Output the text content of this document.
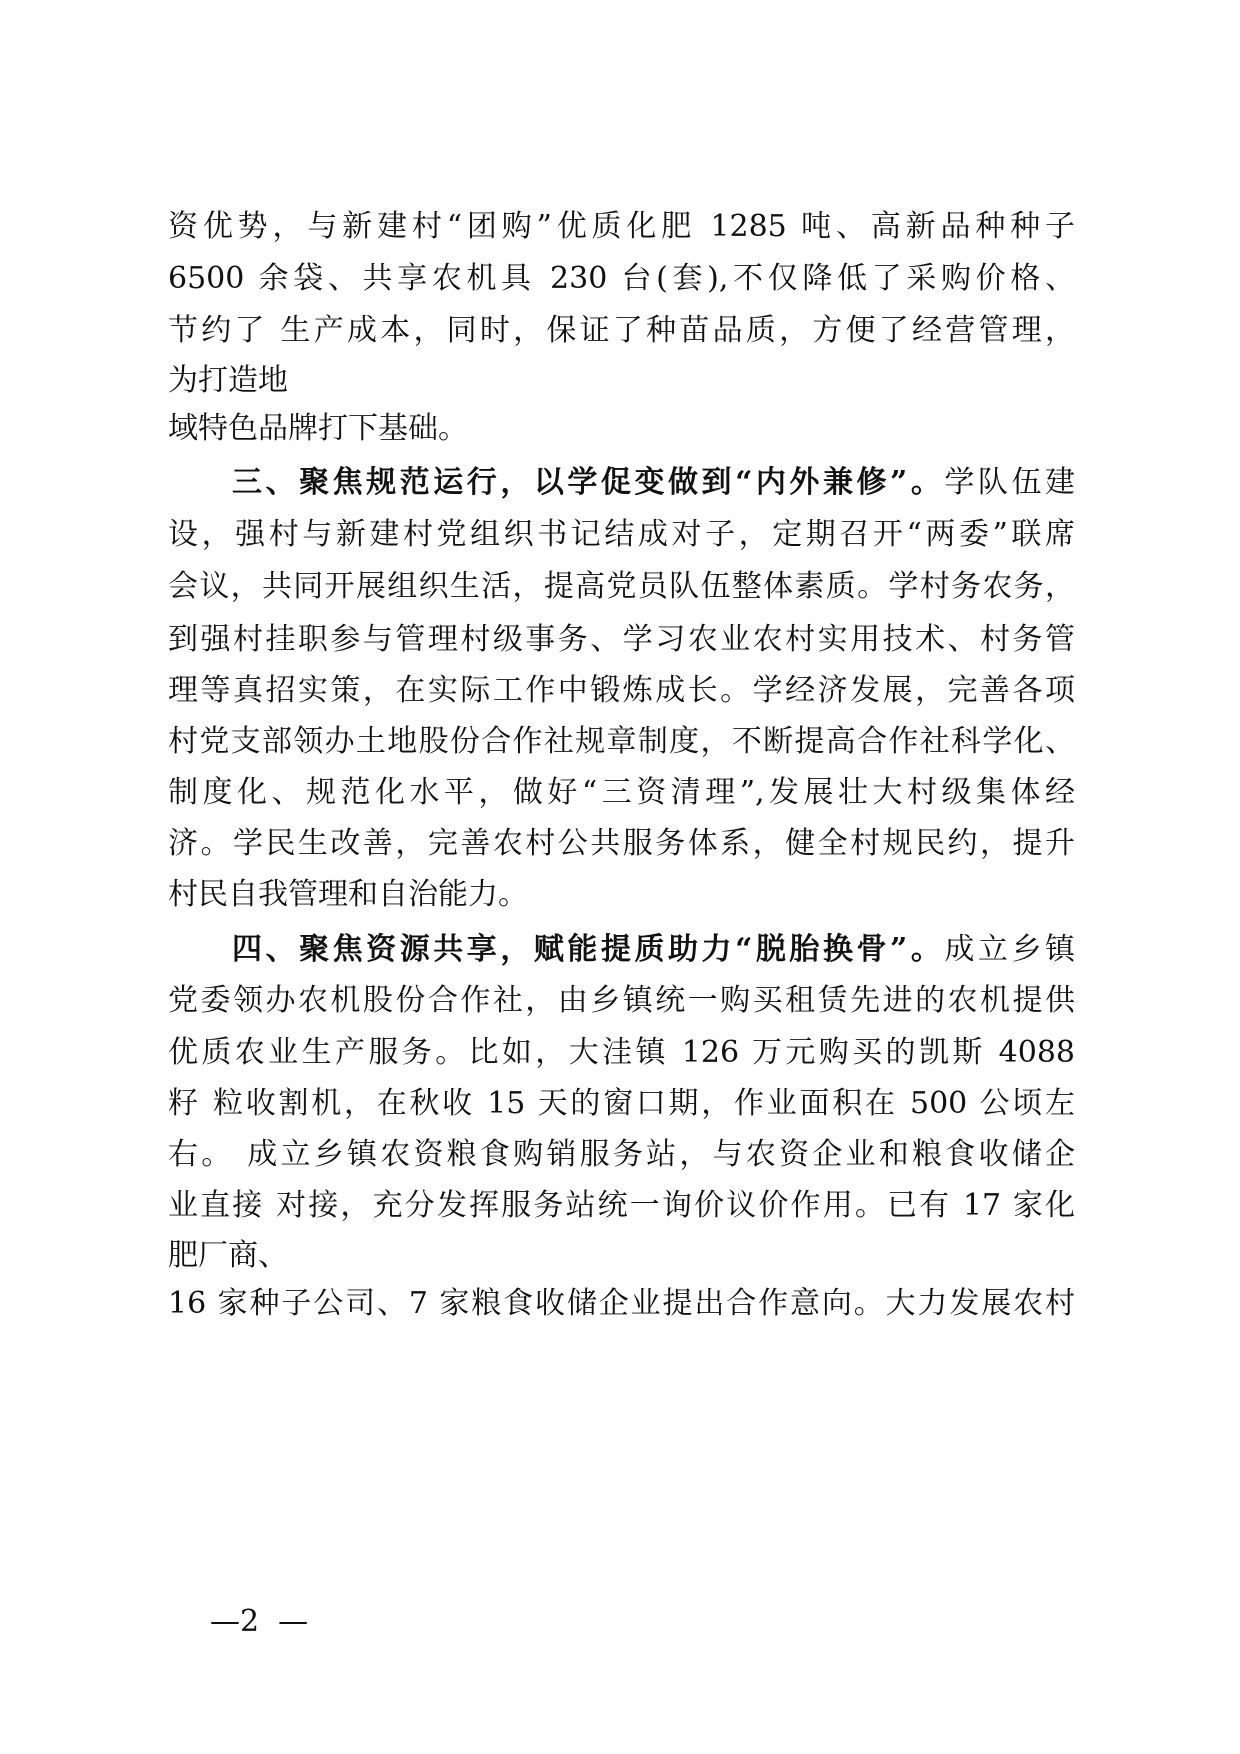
资优势，与新建村“团购”优质化肥 1285 吨、高新品种种子
6500 余袋、共享农机具 230 台(套),不仅降低了采购价格、
节约了 生产成本，同时，保证了种苗品质，方便了经营管理，
为打造地
域特色品牌打下基础。
三、聚焦规范运行，以学促变做到“内外兼修”。学队伍建
设，强村与新建村党组织书记结成对子，定期召开“两委”联席
会议，共同开展组织生活，提高党员队伍整体素质。学村务农务，
到强村挂职参与管理村级事务、学习农业农村实用技术、村务管
理等真招实策，在实际工作中锻炼成长。学经济发展，完善各项
村党支部领办土地股份合作社规章制度，不断提高合作社科学化、
制度化、规范化水平，做好“三资清理”,发展壮大村级集体经
济。学民生改善，完善农村公共服务体系，健全村规民约，提升
村民自我管理和自治能力。
四、聚焦资源共享，赋能提质助力“脱胎换骨”。成立乡镇
党委领办农机股份合作社，由乡镇统一购买租赁先进的农机提供
优质农业生产服务。比如，大洼镇 126 万元购买的凯斯 4088
籽 粒收割机，在秋收 15 天的窗口期，作业面积在 500 公顷左
右。 成立乡镇农资粮食购销服务站，与农资企业和粮食收储企
业直接 对接，充分发挥服务站统一询价议价作用。已有 17 家化
肥厂商、
16 家种子公司、7 家粮食收储企业提出合作意向。大力发展农村
—2  —
